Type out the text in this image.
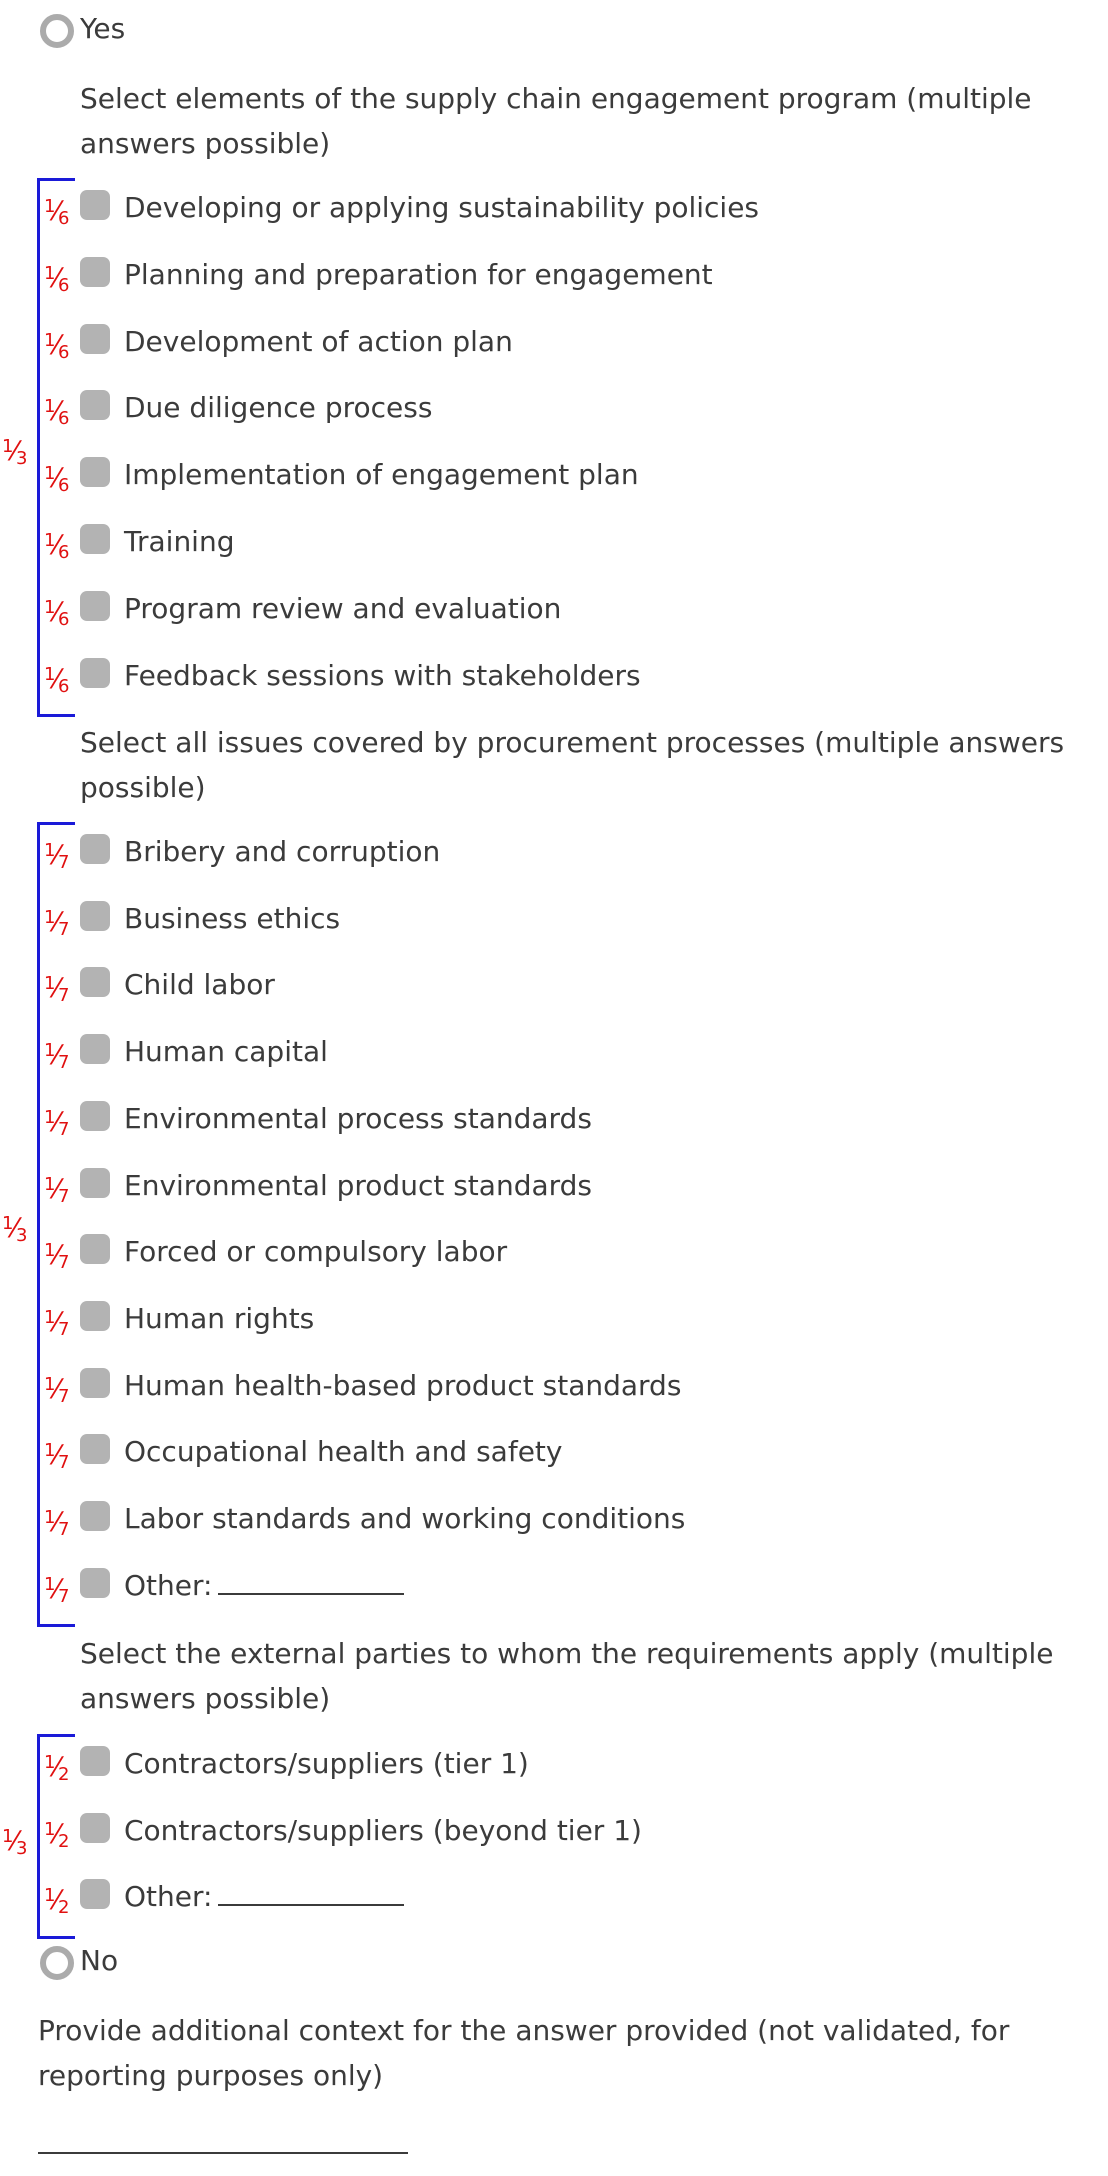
Yes
Select elements of the supply chain engagement program (multiple answers possible)
$^1⁄_3$
$^1⁄_6$ Developing or applying sustainability policies
$^1⁄_6$ Planning and preparation for engagement
$^1⁄_6$ Development of action plan
$^1⁄_6$ Due diligence process
$^1⁄_6$ Implementation of engagement plan
$^1⁄_6$ Training
$^1⁄_6$ Program review and evaluation
$^1⁄_6$ Feedback sessions with stakeholders
Select all issues covered by procurement processes (multiple answers possible)
$^1⁄_3$
$^1⁄_7$ Bribery and corruption
$^1⁄_7$ Business ethics
$^1⁄_7$ Child labor
$^1⁄_7$ Human capital
$^1⁄_7$ Environmental process standards
$^1⁄_7$ Environmental product standards
$^1⁄_7$ Forced or compulsory labor
$^1⁄_7$ Human rights
$^1⁄_7$ Human health-based product standards
$^1⁄_7$ Occupational health and safety
$^1⁄_7$ Labor standards and working conditions
$^1⁄_7$ Other:
Select the external parties to whom the requirements apply (multiple answers possible)
$^1⁄_3$
$^1⁄_2$ Contractors/suppliers (tier 1)
$^1⁄_2$ Contractors/suppliers (beyond tier 1)
$^1⁄_2$ Other:
No
Provide additional context for the answer provided (not validated, for reporting purposes only)
